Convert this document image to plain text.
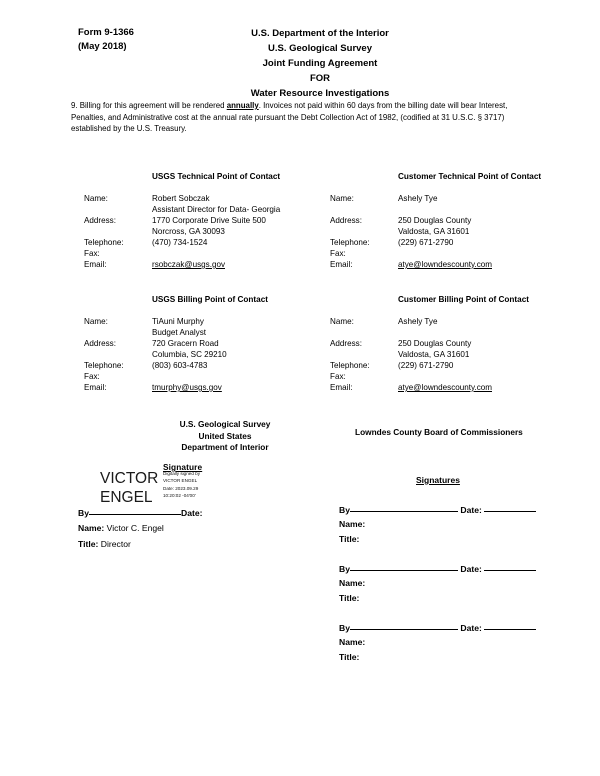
Form 9-1366
(May 2018)
U.S. Department of the Interior
U.S. Geological Survey
Joint Funding Agreement
FOR
Water Resource Investigations
9. Billing for this agreement will be rendered annually. Invoices not paid within 60 days from the billing date will bear Interest, Penalties, and Administrative cost at the annual rate pursuant the Debt Collection Act of 1982, (codified at 31 U.S.C. § 3717) established by the U.S. Treasury.
USGS Technical Point of Contact
Name:	Robert Sobczak
Assistant Director for Data- Georgia
Address:	1770 Corporate Drive Suite 500
Norcross, GA 30093
Telephone:	(470) 734-1524
Fax:
Email:	rsobczak@usgs.gov
Customer Technical Point of Contact
Name:	Ashely Tye
Address:	250 Douglas County
Valdosta, GA 31601
Telephone:	(229) 671-2790
Fax:
Email:	atye@lowndescounty.com
USGS Billing Point of Contact
Name:	TiAuni Murphy
Budget Analyst
Address:	720 Gracern Road
Columbia, SC 29210
Telephone:	(803) 603-4783
Fax:
Email:	tmurphy@usgs.gov
Customer Billing Point of Contact
Name:	Ashely Tye
Address:	250 Douglas County
Valdosta, GA 31601
Telephone:	(229) 671-2790
Fax:
Email:	atye@lowndescounty.com
U.S. Geological Survey
United States
Department of Interior
Lowndes County Board of Commissioners
Signature
VICTOR
ENGEL
Digitally signed by
VICTOR ENGEL
Date: 2023.09.29
10:20:02 -04'00'
By	Date:
Name: Victor C. Engel
Title: Director
Signatures
By	Date:
Name:
Title:
By	Date:
Name:
Title:
By	Date:
Name:
Title:
